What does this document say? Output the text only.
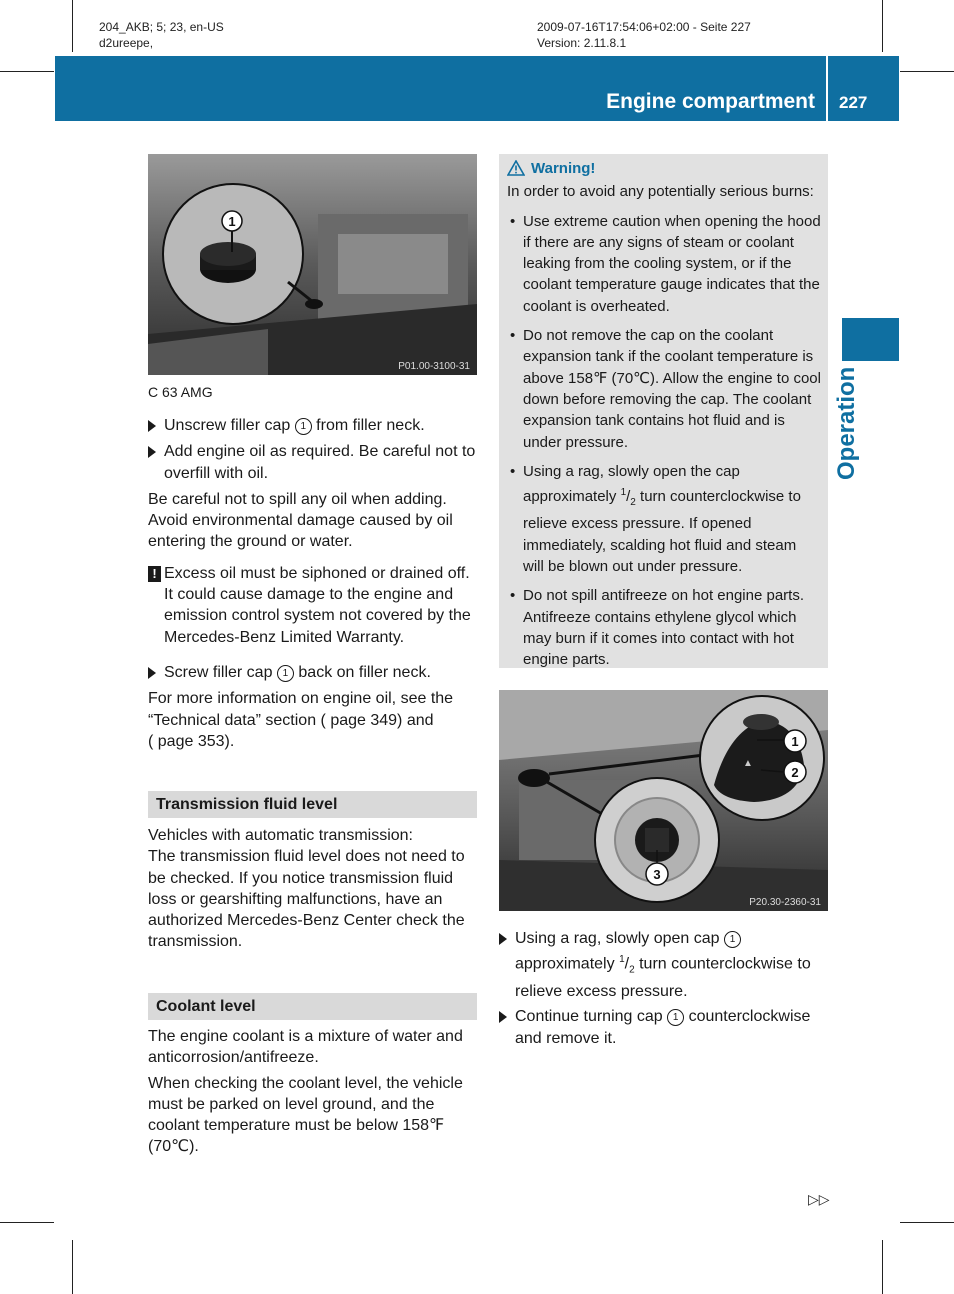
204_AKB; 5; 23, en-US
d2ureepe,
2009-07-16T17:54:06+02:00 - Seite 227
Version: 2.11.8.1
Engine compartment 227
Operation
1
P01.00-3100-31
C 63 AMG

Unscrew filler cap 1 from filler neck.

Add engine oil as required. Be careful not to overfill with oil.

Be careful not to spill any oil when adding. Avoid environmental damage caused by oil entering the ground or water.

! Excess oil must be siphoned or drained off. It could cause damage to the engine and emission control system not covered by the Mercedes-Benz Limited Warranty.

Screw filler cap 1 back on filler neck.

For more information on engine oil, see the “Technical data” section ( page 349) and
( page 353).

Transmission fluid level

Vehicles with automatic transmission:

The transmission fluid level does not need to be checked. If you notice transmission fluid loss or gearshifting malfunctions, have an authorized Mercedes-Benz Center check the transmission.

Coolant level

The engine coolant is a mixture of water and anticorrosion/antifreeze.

When checking the coolant level, the vehicle must be parked on level ground, and the coolant temperature must be below 158℉ (70℃).

Warning!
In order to avoid any potentially serious burns:
• Use extreme caution when opening the hood if there are any signs of steam or coolant leaking from the cooling system, or if the coolant temperature gauge indicates that the coolant is overheated.
• Do not remove the cap on the coolant expansion tank if the coolant temperature is above 158℉ (70℃). Allow the engine to cool down before removing the cap. The coolant expansion tank contains hot fluid and is under pressure.
• Using a rag, slowly open the cap approximately $^1/_2$ turn counterclockwise to relieve excess pressure. If opened immediately, scalding hot fluid and steam will be blown out under pressure.
• Do not spill antifreeze on hot engine parts. Antifreeze contains ethylene glycol which may burn if it comes into contact with hot engine parts.
▲
1
2
3
P20.30-2360-31

Using a rag, slowly open cap 1
approximately $^1/_2$ turn counterclockwise to relieve excess pressure.

Continue turning cap 1 counterclockwise and remove it.

▷▷
